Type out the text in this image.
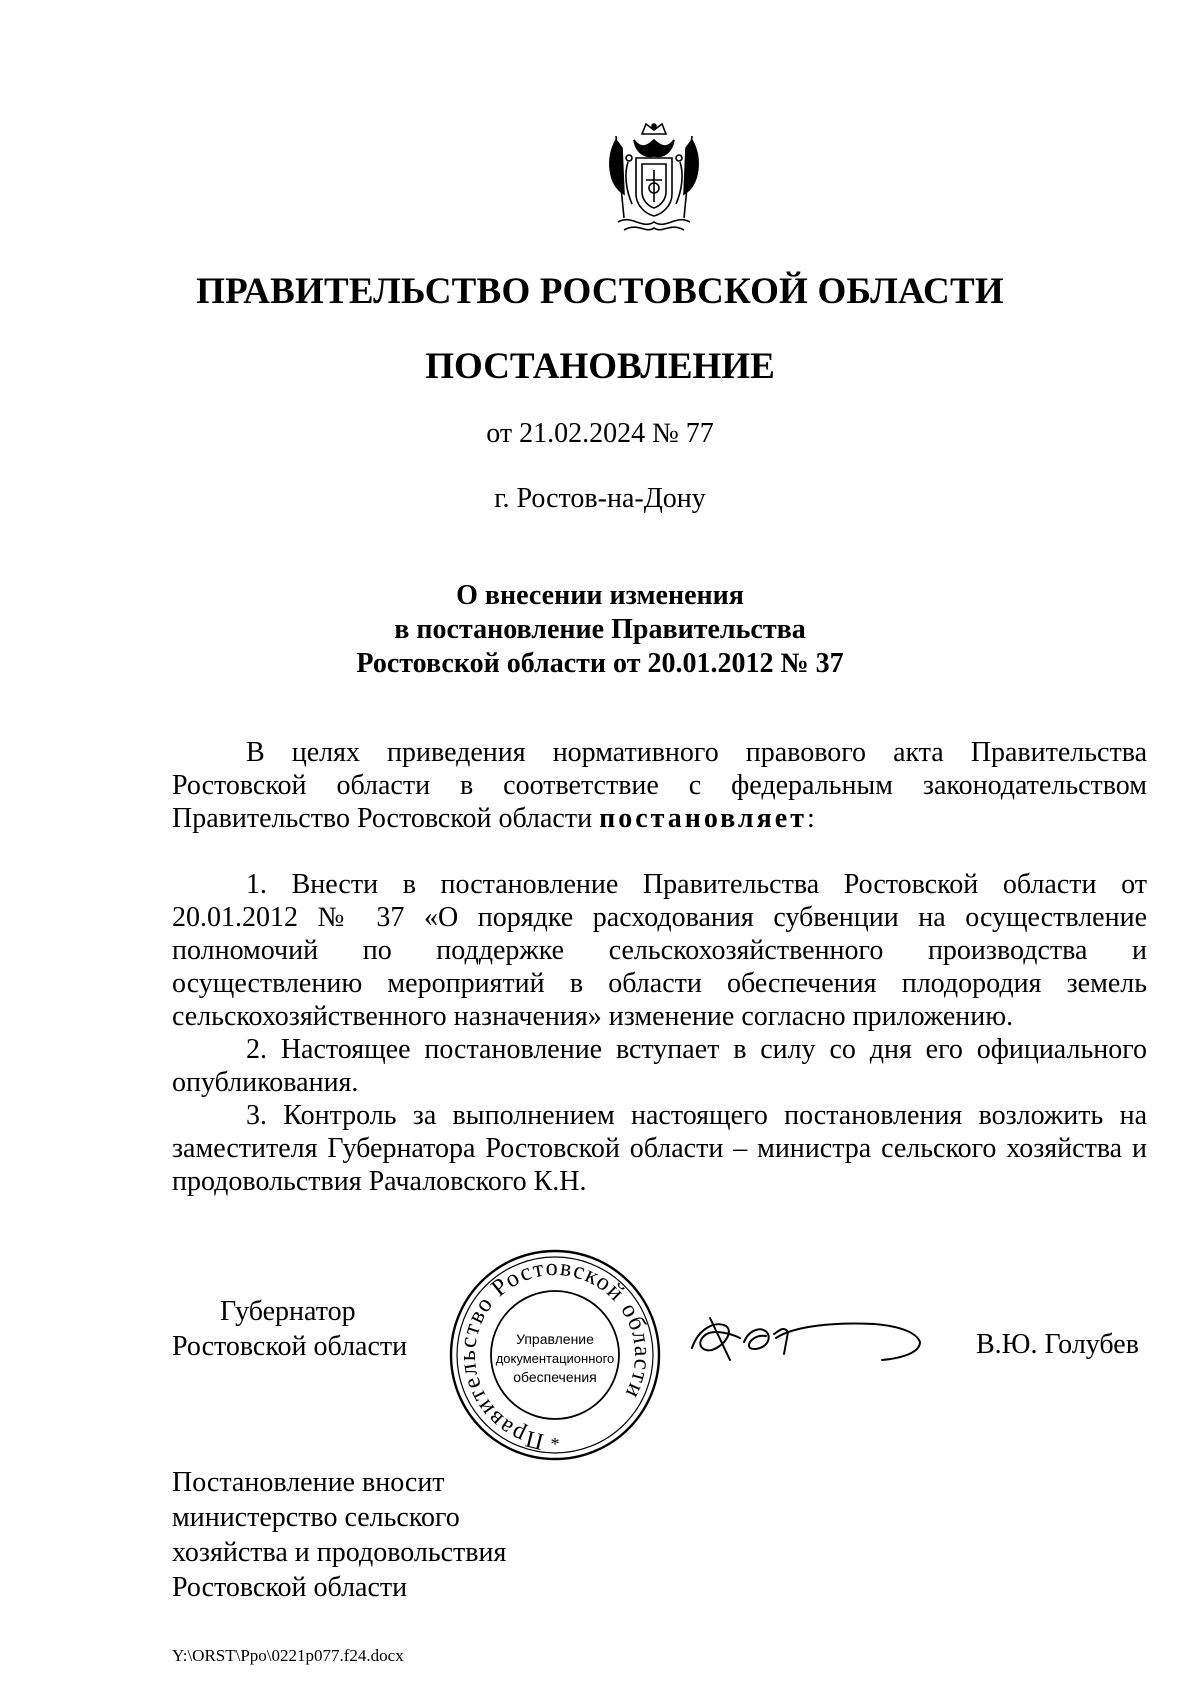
ПРАВИТЕЛЬСТВО РОСТОВСКОЙ ОБЛАСТИ
ПОСТАНОВЛЕНИЕ
от 21.02.2024 № 77
г. Ростов-на-Дону
О внесении изменения
в постановление Правительства
Ростовской области от 20.01.2012 № 37

В целях приведения нормативного правового акта Правительства Ростовской области в соответствие с федеральным законодательством Правительство Ростовской области постановляет:

1. Внести в постановление Правительства Ростовской области от 20.01.2012 № 37 «О порядке расходования субвенции на осуществление полномочий по поддержке сельскохозяйственного производства и осуществлению мероприятий в области обеспечения плодородия земель сельскохозяйственного назначения» изменение согласно приложению.

2. Настоящее постановление вступает в силу со дня его официального опубликования.

3. Контроль за выполнением настоящего постановления возложить на заместителя Губернатора Ростовской области – министра сельского хозяйства и продовольствия Рачаловского К.Н.

Губернатор
Ростовской области
Правительство Ростовской области
Управление
документационного
обеспечения
*
В.Ю. Голубев
Постановление вносит
министерство сельского
хозяйства и продовольствия
Ростовской области
Y:\ORST\Ppo\0221p077.f24.docx
